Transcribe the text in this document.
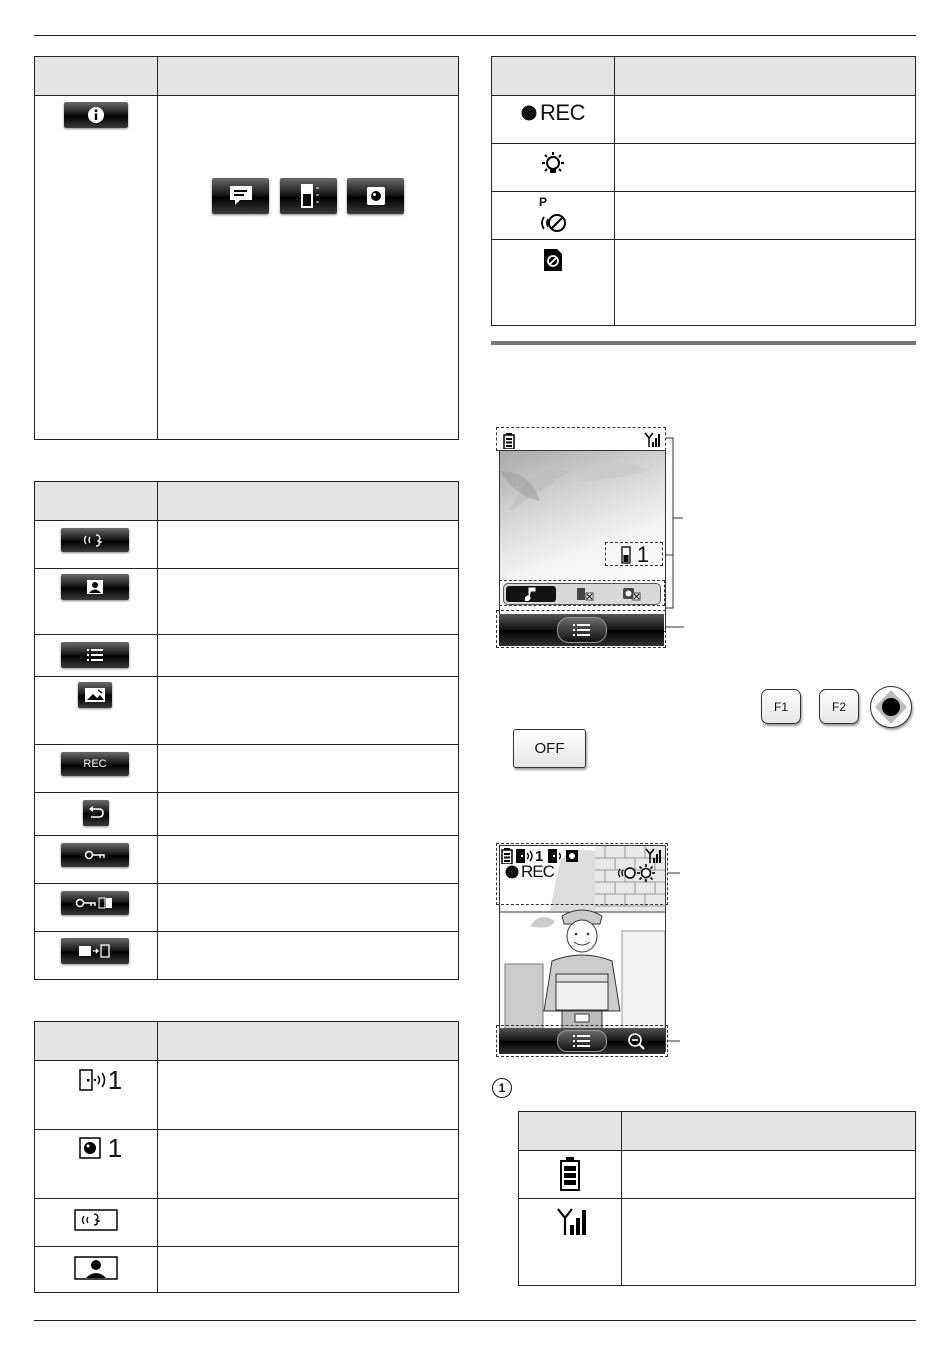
REC
1
1
REC
P
1
F1	F2
OFF
1
REC
1
